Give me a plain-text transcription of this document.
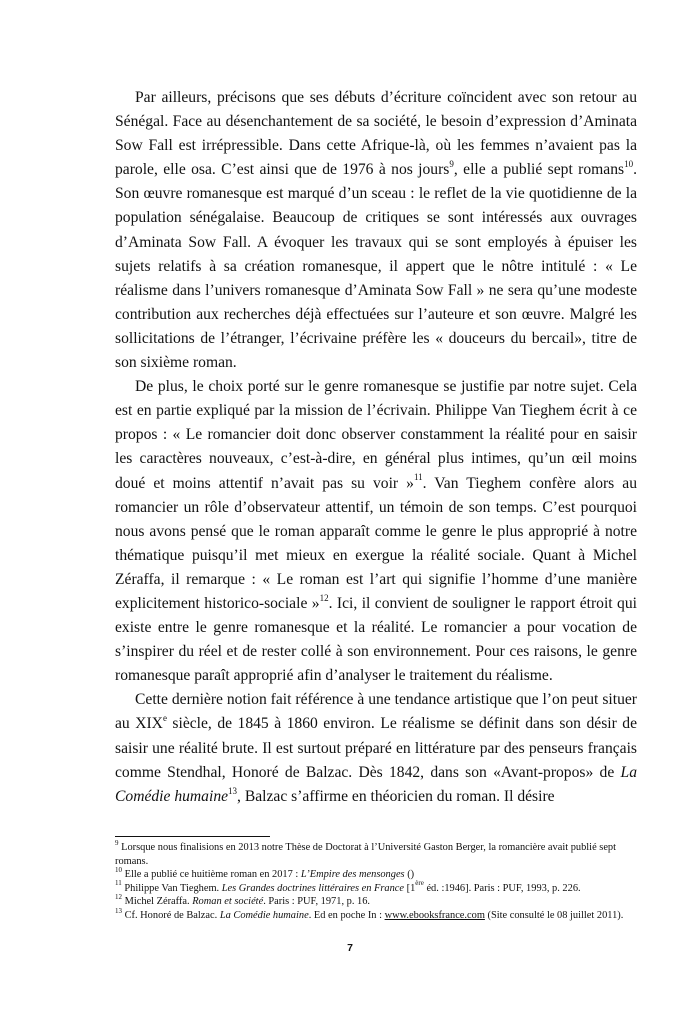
Par ailleurs, précisons que ses débuts d’écriture coïncident avec son retour au Sénégal. Face au désenchantement de sa société, le besoin d’expression d’Aminata Sow Fall est irrépressible. Dans cette Afrique-là, où les femmes n’avaient pas la parole, elle osa. C’est ainsi que de 1976 à nos jours$^9$, elle a publié sept romans$^{10}$. Son œuvre romanesque est marqué d’un sceau : le reflet de la vie quotidienne de la population sénégalaise. Beaucoup de critiques se sont intéressés aux ouvrages d’Aminata Sow Fall. A évoquer les travaux qui se sont employés à épuiser les sujets relatifs à sa création romanesque, il appert que le nôtre intitulé : « Le réalisme dans l’univers romanesque d’Aminata Sow Fall » ne sera qu’une modeste contribution aux recherches déjà effectuées sur l’auteure et son œuvre. Malgré les sollicitations de l’étranger, l’écrivaine préfère les « douceurs du bercail», titre de son sixième roman.

De plus, le choix porté sur le genre romanesque se justifie par notre sujet. Cela est en partie expliqué par la mission de l’écrivain. Philippe Van Tieghem écrit à ce propos : « Le romancier doit donc observer constamment la réalité pour en saisir les caractères nouveaux, c’est-à-dire, en général plus intimes, qu’un œil moins doué et moins attentif n’avait pas su voir »$^{11}$. Van Tieghem confère alors au romancier un rôle d’observateur attentif, un témoin de son temps. C’est pourquoi nous avons pensé que le roman apparaît comme le genre le plus approprié à notre thématique puisqu’il met mieux en exergue la réalité sociale. Quant à Michel Zéraffa, il remarque : « Le roman est l’art qui signifie l’homme d’une manière explicitement historico-sociale »$^{12}$. Ici, il convient de souligner le rapport étroit qui existe entre le genre romanesque et la réalité. Le romancier a pour vocation de s’inspirer du réel et de rester collé à son environnement. Pour ces raisons, le genre romanesque paraît approprié afin d’analyser le traitement du réalisme.

Cette dernière notion fait référence à une tendance artistique que l’on peut situer au XIXe siècle, de 1845 à 1860 environ. Le réalisme se définit dans son désir de saisir une réalité brute. Il est surtout préparé en littérature par des penseurs français comme Stendhal, Honoré de Balzac. Dès 1842, dans son «Avant-propos» de La Comédie humaine$^{13}$, Balzac s’affirme en théoricien du roman. Il désire

$^9$ Lorsque nous finalisions en 2013 notre Thèse de Doctorat à l’Université Gaston Berger, la romancière avait publié sept romans.

$^{10}$ Elle a publié ce huitième roman en 2017 : L’Empire des mensonges ()

$^{11}$ Philippe Van Tieghem. Les Grandes doctrines littéraires en France [1ère éd. :1946]. Paris : PUF, 1993, p. 226.

$^{12}$ Michel Zéraffa. Roman et société. Paris : PUF, 1971, p. 16.

$^{13}$ Cf. Honoré de Balzac. La Comédie humaine. Ed en poche In : www.ebooksfrance.com (Site consulté le 08 juillet 2011).

7
